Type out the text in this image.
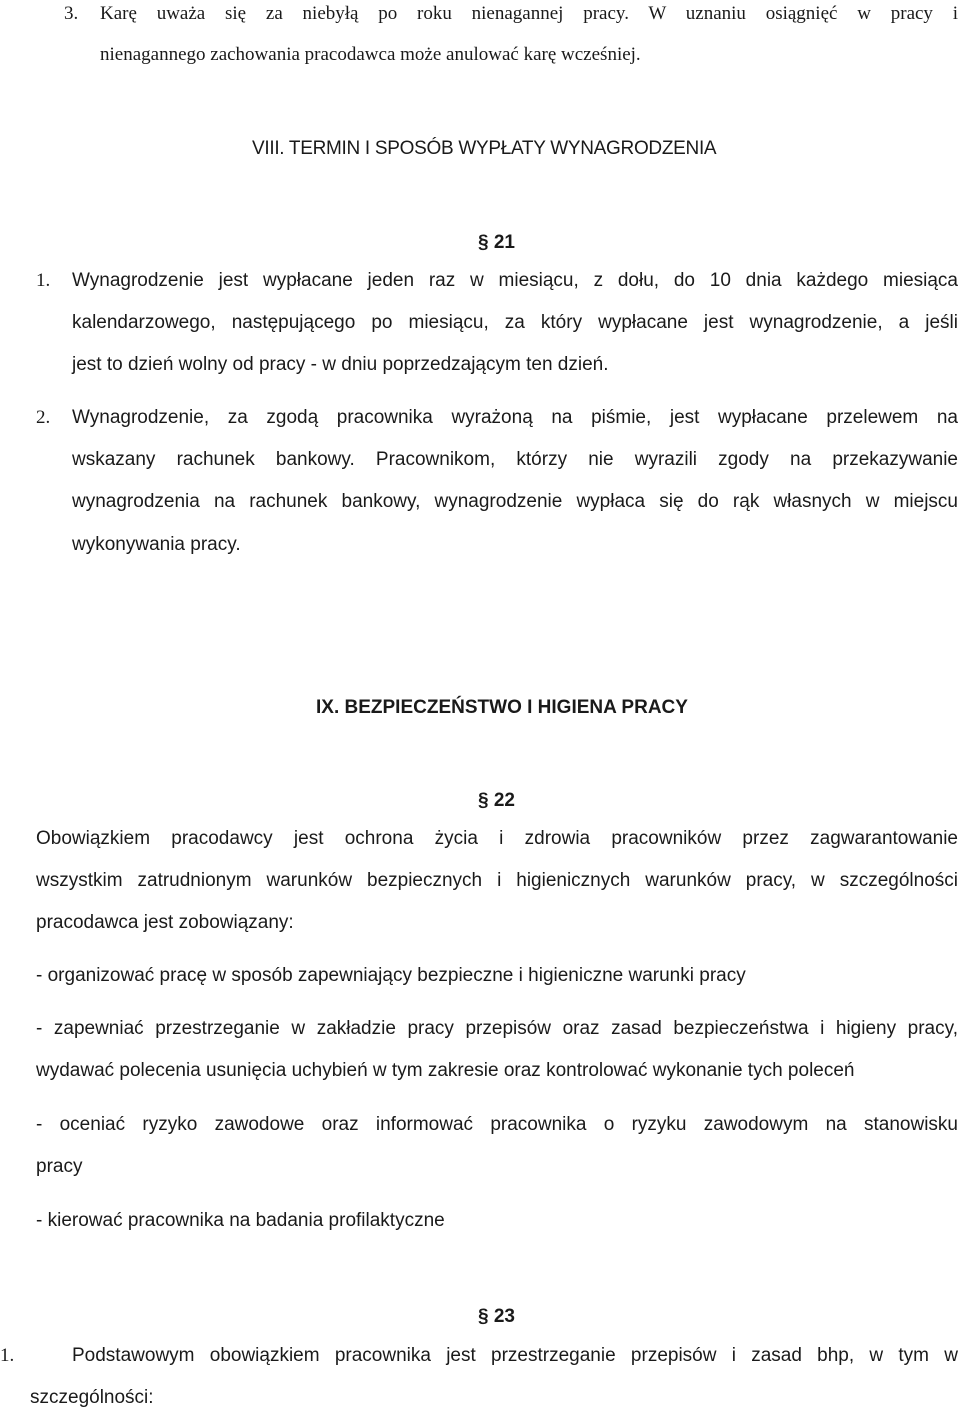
3. Karę uważa się za niebyłą po roku nienagannej pracy. W uznaniu osiągnięć w pracy i
nienagannego zachowania pracodawca może anulować karę wcześniej.
VIII. TERMIN I SPOSÓB WYPŁATY WYNAGRODZENIA
§ 21
1. Wynagrodzenie jest wypłacane jeden raz w miesiącu, z dołu, do 10 dnia każdego miesiąca
kalendarzowego, następującego po miesiącu, za który wypłacane jest wynagrodzenie, a jeśli
jest to dzień wolny od pracy - w dniu poprzedzającym ten dzień.
2. Wynagrodzenie, za zgodą pracownika wyrażoną na piśmie, jest wypłacane przelewem na
wskazany rachunek bankowy. Pracownikom, którzy nie wyrazili zgody na przekazywanie
wynagrodzenia na rachunek bankowy, wynagrodzenie wypłaca się do rąk własnych w miejscu
wykonywania pracy.
IX. BEZPIECZEŃSTWO I HIGIENA PRACY
§ 22
Obowiązkiem pracodawcy jest ochrona życia i zdrowia pracowników przez zagwarantowanie
wszystkim zatrudnionym warunków bezpiecznych i higienicznych warunków pracy, w szczególności
pracodawca jest zobowiązany:
- organizować pracę w sposób zapewniający bezpieczne i higieniczne warunki pracy
- zapewniać przestrzeganie w zakładzie pracy przepisów oraz zasad bezpieczeństwa i higieny pracy,
wydawać polecenia usunięcia uchybień w tym zakresie oraz kontrolować wykonanie tych poleceń
- oceniać ryzyko zawodowe oraz informować pracownika o ryzyku zawodowym na stanowisku
pracy
- kierować pracownika na badania profilaktyczne
§ 23
1.	Podstawowym obowiązkiem pracownika jest przestrzeganie przepisów i zasad bhp, w tym w
szczególności:
